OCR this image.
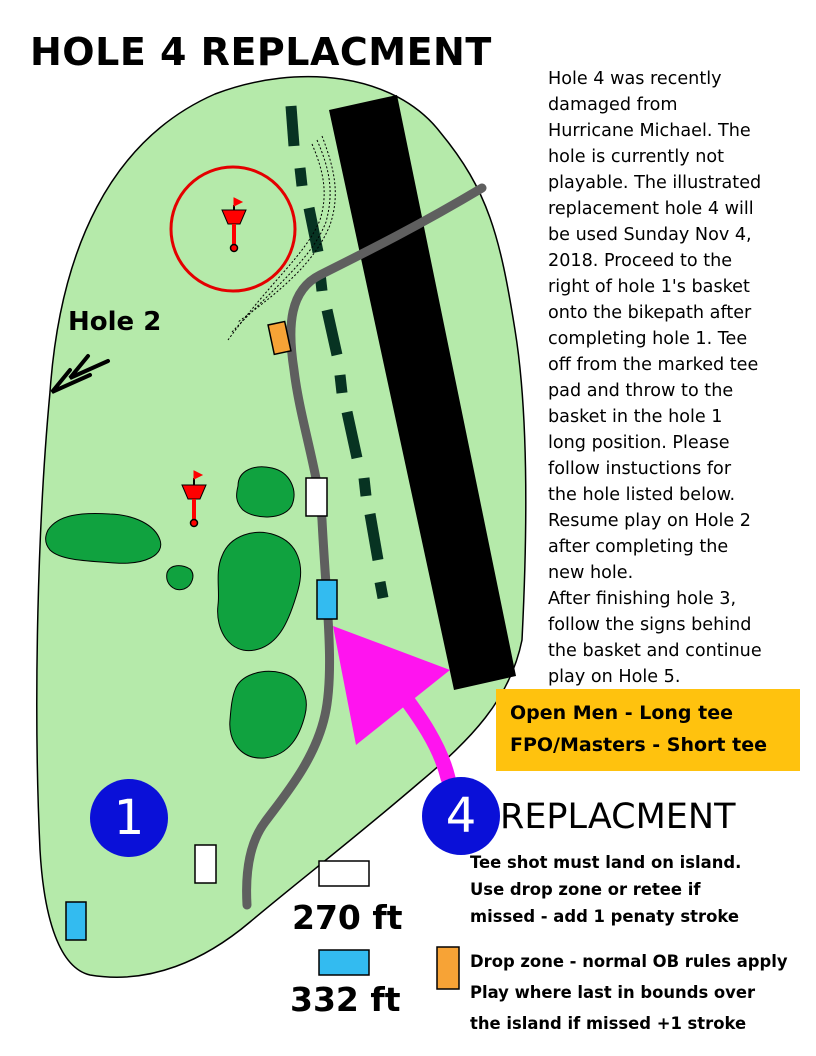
HOLE 4 REPLACMENT

Hole 4 was recently

damaged from

Hurricane Michael. The

hole is currently not

playable. The illustrated

replacement hole 4 will

be used Sunday Nov 4,

2018. Proceed to the

right of hole 1's basket

onto the bikepath after

completing hole 1. Tee

off from the marked tee

pad and throw to the

basket in the hole 1

long position. Please

follow instuctions for

the hole listed below.

Resume play on Hole 2

after completing the

new hole.

After finishing hole 3,

follow the signs behind

the basket and continue

play on Hole 5.

Open Men - Long tee
FPO/Masters - Short tee
1	4 REPLACMENT
Tee shot must land on island.
Use drop zone or retee if
missed - add 1 penaty stroke
Drop zone - normal OB rules apply
Play where last in bounds over
the island if missed +1 stroke
270 ft
332 ft
Hole 2
